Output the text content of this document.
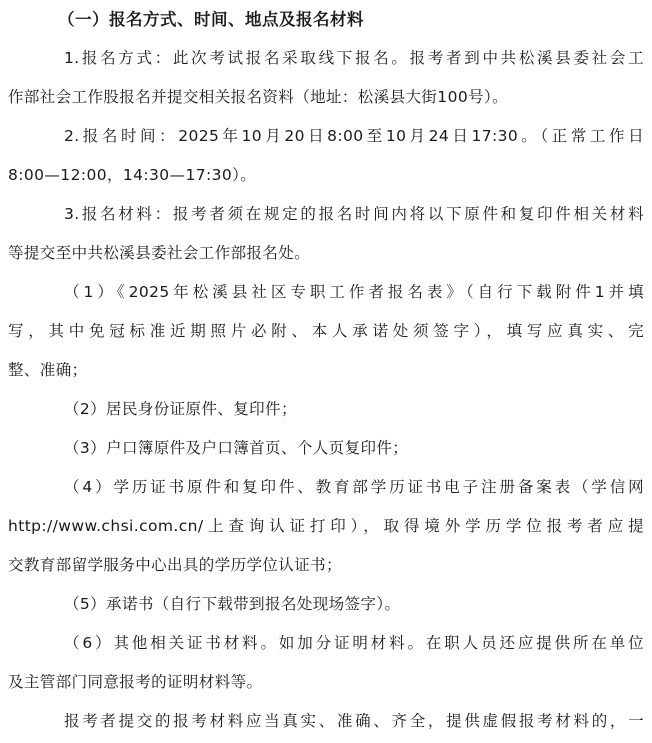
（一）报名方式、时间、地点及报名材料

1.报名方式：此次考试报名采取线下报名。报考者到中共松溪县委社会工
作部社会工作股报名并提交相关报名资料（地址：松溪县大街100号）。
2.报名时间：2025年10月20日8:00至10月24日17:30。（正常工作日
8:00—12:00，14:30—17:30）。
3.报名材料：报考者须在规定的报名时间内将以下原件和复印件相关材料
等提交至中共松溪县委社会工作部报名处。
（1）《2025年松溪县社区专职工作者报名表》（自行下载附件1并填
写，其中免冠标准近期照片必附、本人承诺处须签字），填写应真实、完
整、准确；
（2）居民身份证原件、复印件；
（3）户口簿原件及户口簿首页、个人页复印件；
（4）学历证书原件和复印件、教育部学历证书电子注册备案表（学信网
http://www.chsi.com.cn/上查询认证打印），取得境外学历学位报考者应提
交教育部留学服务中心出具的学历学位认证书；
（5）承诺书（自行下载带到报名处现场签字）。
（6）其他相关证书材料。如加分证明材料。在职人员还应提供所在单位
及主管部门同意报考的证明材料等。
报考者提交的报考材料应当真实、准确、齐全，提供虚假报考材料的，一
